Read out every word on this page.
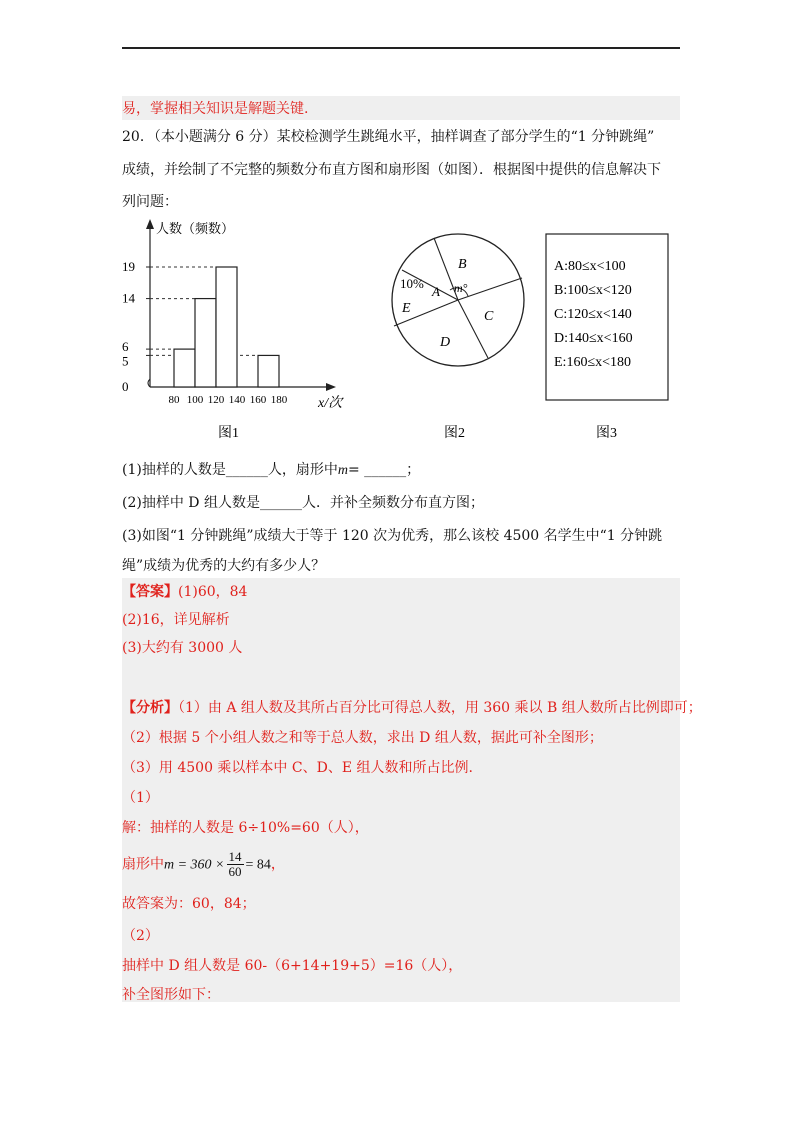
易，掌握相关知识是解题关键.
20．（本小题满分 6 分）某校检测学生跳绳水平，抽样调查了部分学生的“1 分钟跳绳”
成绩，并绘制了不完整的频数分布直方图和扇形图（如图）．根据图中提供的信息解决下
列问题：
人数（频数）
x/次
19
14
6
5
0
80 100 120 140 160 180
图1
10%
A m°
B
C
D
E
图2
A:80≤x<100
B:100≤x<120
C:120≤x<140
D:140≤x<160
E:160≤x<180
图3
(1)抽样的人数是______人，扇形中m= ______；
(2)抽样中 D 组人数是______人．并补全频数分布直方图；
(3)如图“1 分钟跳绳”成绩大于等于 120 次为优秀，那么该校 4500 名学生中“1 分钟跳
绳”成绩为优秀的大约有多少人？
【答案】(1)60，84
(2)16，详见解析
(3)大约有 3000 人
【分析】（1）由 A 组人数及其所占百分比可得总人数，用 360 乘以 B 组人数所占比例即可；
（2）根据 5 个小组人数之和等于总人数，求出 D 组人数，据此可补全图形；
（3）用 4500 乘以样本中 C、D、E 组人数和所占比例.
（1）
解：抽样的人数是 6÷10%=60（人），
扇形中$m = 360 \times \frac{14}{60} = 84$，
故答案为：60，84；
（2）
抽样中 D 组人数是 60-（6+14+19+5）=16（人），
补全图形如下：
